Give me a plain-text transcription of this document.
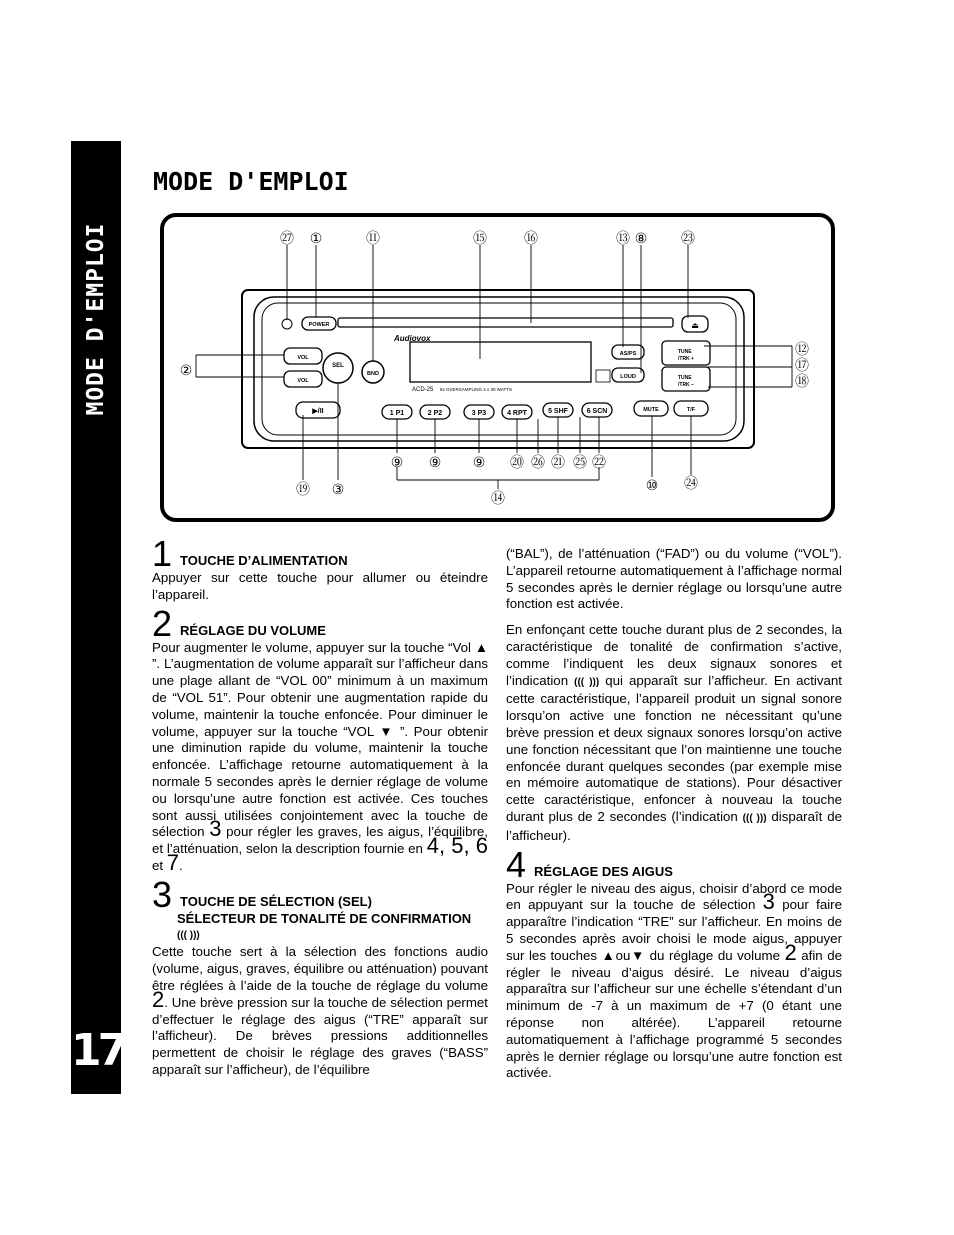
MODE D'EMPLOI
17
MODE D'EMPLOI
Audiovox
ACD-25 8x OVERSAMPLING 4 x 30 WATTS
POWER
VOL
VOL
SEL
BND
▶/II	1 P1	2 P2	3 P3	4 RPT	5 SHF	6 SCN
AS/PS
LOUD
⏏
TUNE
/TRK +
TUNE
/TRK −
MUTE	T/F
㉗ ①	⑪	⑮	⑯	⑬ ⑧ ㉓
②
⑫
⑰
⑱
⑨ ⑨ ⑨ ⑳ ㉖ ㉑ ㉕ ㉒
⑲ ③
⑭
⑩ ㉔
1 TOUCHE D’ALIMENTATION

Appuyer sur cette touche pour allumer ou éteindre l’appareil.

2 RÉGLAGE DU VOLUME

Pour augmenter le volume, appuyer sur la touche “Vol ▲ ”. L’augmentation de volume apparaît sur l’afficheur dans une plage allant de “VOL 00” minimum à un maximum de “VOL 51”. Pour obtenir une augmentation rapide du volume, maintenir la touche enfoncée. Pour diminuer le volume, appuyer sur la touche “VOL ▼ ”. Pour obtenir une diminution rapide du volume, maintenir la touche enfoncée. L’affichage retourne automatiquement à la normale 5 secondes après le dernier réglage de volume ou lorsqu’une autre fonction est activée. Ces touches sont aussi utilisées conjointement avec la touche de sélection 3 pour régler les graves, les aigus, l’équilibre, et l’atténuation, selon la description fournie en 4, 5, 6 et 7.

3 TOUCHE DE SÉLECTION (SEL)
SÉLECTEUR DE TONALITÉ DE CONFIRMATION
((( )))

Cette touche sert à la sélection des fonctions audio (volume, aigus, graves, équilibre ou atténuation) pouvant être réglées à l’aide de la touche de réglage du volume 2. Une brève pression sur la touche de sélection permet d’effectuer le réglage des aigus (“TRE” apparaît sur l’afficheur). De brèves pressions additionnelles permettent de choisir le réglage des graves (“BASS” apparaît sur l’afficheur), de l’équilibre

(“BAL”), de l’atténuation (“FAD”) ou du volume (“VOL”). L’appareil retourne automatiquement à l’affichage normal 5 secondes après le dernier réglage ou lorsqu’une autre fonction est activée.

En enfonçant cette touche durant plus de 2 secondes, la caractéristique de tonalité de confirmation s’active, comme l’indiquent les deux signaux sonores et l’indication ((( ))) qui apparaît sur l’afficheur. En activant cette caractéristique, l’appareil produit un signal sonore lorsqu’on active une fonction ne nécessitant qu’une brève pression et deux signaux sonores lorsqu’on active une fonction nécessitant que l’on maintienne une touche enfoncée durant quelques secondes (par exemple mise en mémoire automatique de stations). Pour désactiver cette caractéristique, enfoncer à nouveau la touche durant plus de 2 secondes (l’indication ((( ))) disparaît de l’afficheur).

4 RÉGLAGE DES AIGUS

Pour régler le niveau des aigus, choisir d’abord ce mode en appuyant sur la touche de sélection 3 pour faire apparaître l’indication “TRE” sur l’afficheur. En moins de 5 secondes après avoir choisi le mode aigus, appuyer sur les touches ▲ou▼ du réglage du volume 2 afin de régler le niveau d’aigus désiré. Le niveau d’aigus apparaîtra sur l’afficheur sur une échelle s’étendant d’un minimum de -7 à un maximum de +7 (0 étant une réponse non altérée). L’appareil retourne automatiquement à l’affichage programmé 5 secondes après le dernier réglage ou lorsqu’une autre fonction est activée.
